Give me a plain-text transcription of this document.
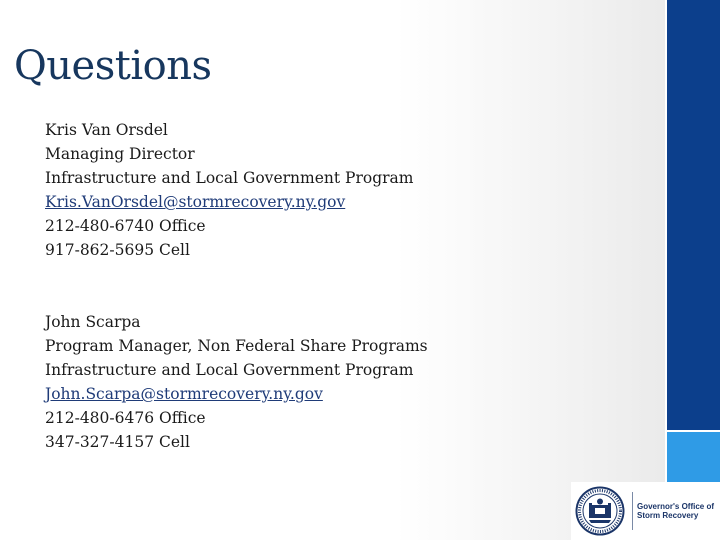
Questions
Kris Van Orsdel
Managing Director
Infrastructure and Local Government Program
Kris.VanOrsdel@stormrecovery.ny.gov
212-480-6740 Office
917-862-5695 Cell
John Scarpa
Program Manager, Non Federal Share Programs
Infrastructure and Local Government Program
John.Scarpa@stormrecovery.ny.gov
212-480-6476 Office
347-327-4157 Cell
Governor's Office of
Storm Recovery
